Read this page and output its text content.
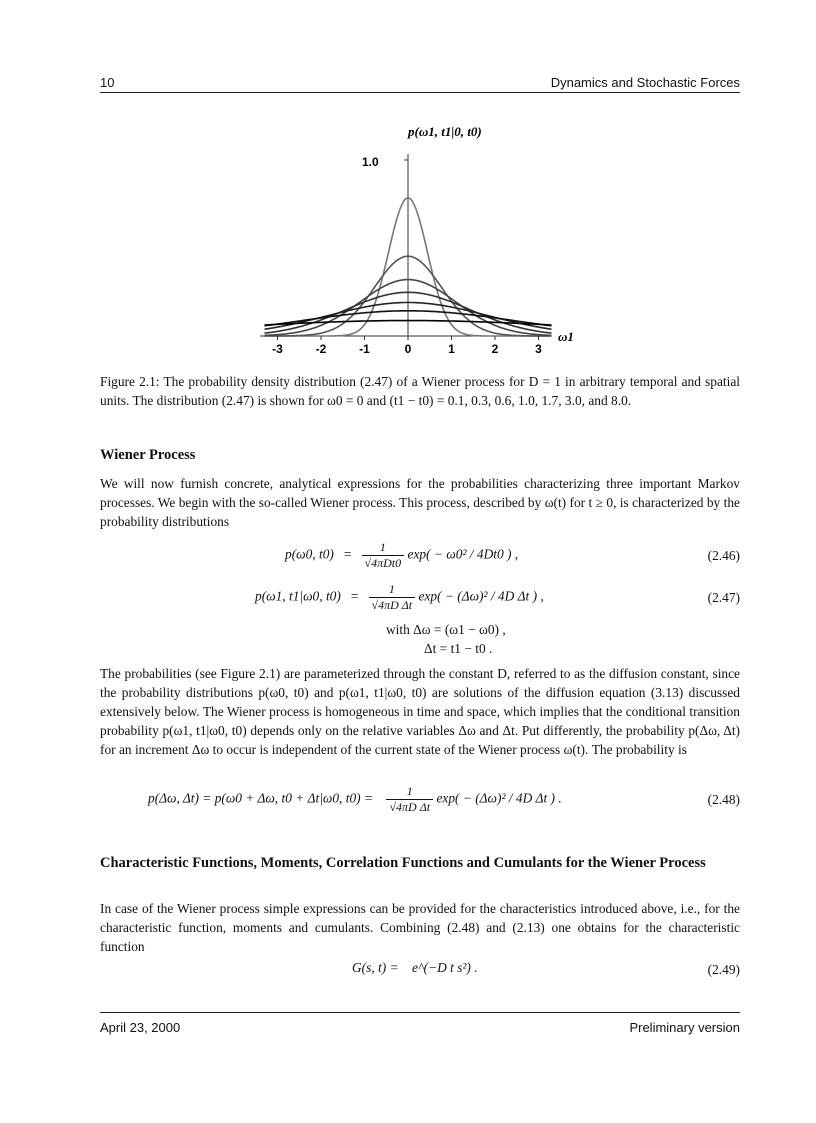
10	Dynamics and Stochastic Forces
p(ω1, t1|0, t0)
1.0
-3	-2	-1	0	1	2	3
ω1
Figure 2.1: The probability density distribution (2.47) of a Wiener process for D = 1 in arbitrary temporal and spatial units. The distribution (2.47) is shown for ω0 = 0 and (t1 − t0) = 0.1, 0.3, 0.6, 1.0, 1.7, 3.0, and 8.0.
Wiener Process
We will now furnish concrete, analytical expressions for the probabilities characterizing three important Markov processes. We begin with the so-called Wiener process. This process, described by ω(t) for t ≥ 0, is characterized by the probability distributions
p(ω0, $t0) = \frac{1}{\text{√4πDt0}} \exp( - \omega 0^2 / 4Dt0$ ) ,	(2.46)
p(ω1, t1|ω0, $t0) = \frac{1}{\text{√4πD Δt}} \exp( - (\Delta\omega)^2 / 4D$ Δt ) ,	(2.47)
with Δω = (ω1 − ω0) ,
Δt = t1 − t0 .
The probabilities (see Figure 2.1) are parameterized through the constant D, referred to as the diffusion constant, since the probability distributions p(ω0, t0) and p(ω1, t1|ω0, t0) are solutions of the diffusion equation (3.13) discussed extensively below. The Wiener process is homogeneous in time and space, which implies that the conditional transition probability p(ω1, t1|ω0, t0) depends only on the relative variables Δω and Δt. Put differently, the probability p(Δω, Δt) for an increment Δω to occur is independent of the current state of the Wiener process ω(t). The probability is
p(Δω, Δt) = p(ω0 + Δω, t0 + Δt|ω0, $t0) = \frac{1}{\text{√4πD Δt}} \exp( - (\Delta\omega)^2 / 4D$ Δt ) .	(2.48)
Characteristic Functions, Moments, Correlation Functions and Cumulants for the Wiener Process
In case of the Wiener process simple expressions can be provided for the characteristics introduced above, i.e., for the characteristic function, moments and cumulants. Combining (2.48) and (2.13) one obtains for the characteristic function
G(s, t) = e^(−D t s²) .	(2.49)
April 23, 2000	Preliminary version
